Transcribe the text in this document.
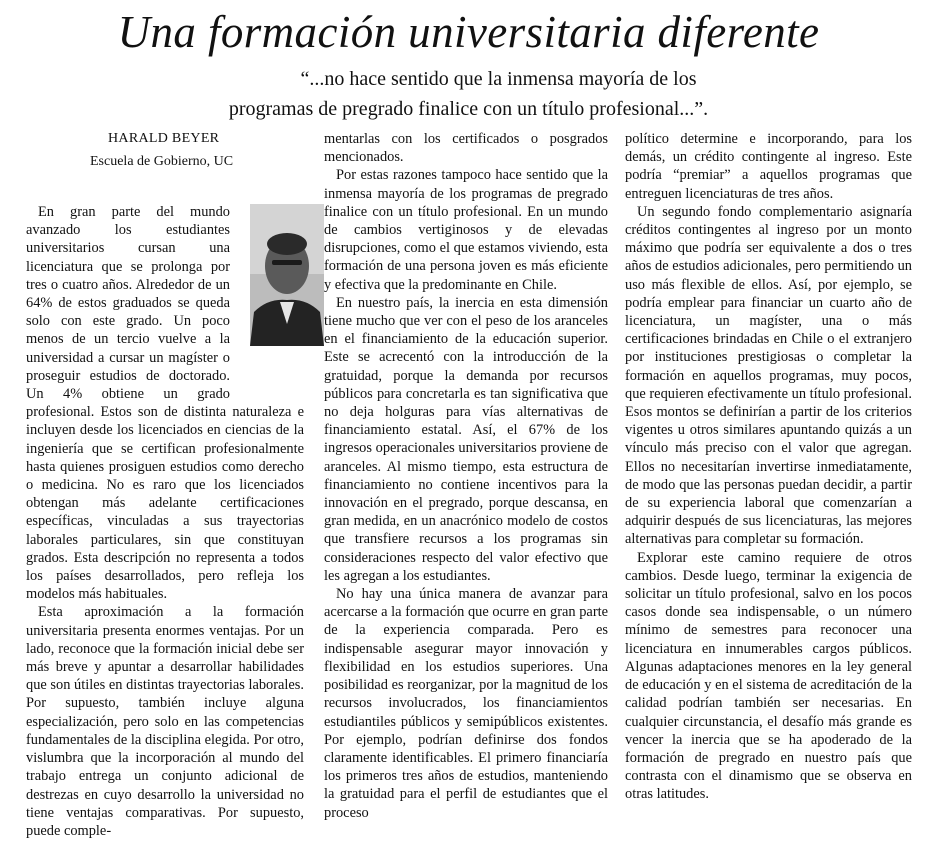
Una formación universitaria diferente
“...no hace sentido que la inmensa mayoría de los
programas de pregrado finalice con un título profesional...”.
HARALD BEYER
Escuela de Gobierno, UC

En gran parte del mundo avanzado los estudiantes universitarios cursan una licenciatura que se prolonga por tres o cuatro años. Alrededor de un 64% de estos graduados se queda solo con este grado. Un poco menos de un tercio vuelve a la universidad a cursar un magíster o proseguir estudios de doctorado. Un 4% obtiene un grado profesional. Estos son de distinta naturaleza e incluyen desde los licenciados en ciencias de la ingeniería que se certifican profesionalmente hasta quienes prosiguen estudios como derecho o medicina. No es raro que los licenciados obtengan más adelante certificaciones específicas, vinculadas a sus trayectorias laborales particulares, sin que constituyan grados. Esta descripción no representa a todos los países desarrollados, pero refleja los modelos más habituales.

Esta aproximación a la formación universitaria presenta enormes ventajas. Por un lado, reconoce que la formación inicial debe ser más breve y apuntar a desarrollar habilidades que son útiles en distintas trayectorias laborales. Por supuesto, también incluye alguna especialización, pero solo en las competencias fundamentales de la disciplina elegida. Por otro, vislumbra que la incorporación al mundo del trabajo entrega un conjunto adicional de destrezas en cuyo desarrollo la universidad no tiene ventajas comparativas. Por supuesto, puede comple-

mentarlas con los certificados o posgrados mencionados.

Por estas razones tampoco hace sentido que la inmensa mayoría de los programas de pregrado finalice con un título profesional. En un mundo de cambios vertiginosos y de elevadas disrupciones, como el que estamos viviendo, esta formación de una persona joven es más eficiente y efectiva que la predominante en Chile.

En nuestro país, la inercia en esta dimensión tiene mucho que ver con el peso de los aranceles en el financiamiento de la educación superior. Este se acrecentó con la introducción de la gratuidad, porque la demanda por recursos públicos para concretarla es tan significativa que no deja holguras para vías alternativas de financiamiento estatal. Así, el 67% de los ingresos operacionales universitarios proviene de aranceles. Al mismo tiempo, esta estructura de financiamiento no contiene incentivos para la innovación en el pregrado, porque descansa, en gran medida, en un anacrónico modelo de costos que transfiere recursos a los programas sin consideraciones respecto del valor efectivo que les agregan a los estudiantes.

No hay una única manera de avanzar para acercarse a la formación que ocurre en gran parte de la experiencia comparada. Pero es indispensable asegurar mayor innovación y flexibilidad en los estudios superiores. Una posibilidad es reorganizar, por la magnitud de los recursos involucrados, los financiamientos estudiantiles públicos y semipúblicos existentes. Por ejemplo, podrían definirse dos fondos claramente identificables. El primero financiaría los primeros tres años de estudios, manteniendo la gratuidad para el perfil de estudiantes que el proceso

político determine e incorporando, para los demás, un crédito contingente al ingreso. Este podría “premiar” a aquellos programas que entreguen licenciaturas de tres años.

Un segundo fondo complementario asignaría créditos contingentes al ingreso por un monto máximo que podría ser equivalente a dos o tres años de estudios adicionales, pero permitiendo un uso más flexible de ellos. Así, por ejemplo, se podría emplear para financiar un cuarto año de licenciatura, un magíster, una o más certificaciones brindadas en Chile o el extranjero por instituciones prestigiosas o completar la formación en aquellos programas, muy pocos, que requieren efectivamente un título profesional. Esos montos se definirían a partir de los criterios vigentes u otros similares apuntando quizás a un vínculo más preciso con el valor que agregan. Ellos no necesitarían invertirse inmediatamente, de modo que las personas puedan decidir, a partir de su experiencia laboral que comenzarían a adquirir después de sus licenciaturas, las mejores alternativas para completar su formación.

Explorar este camino requiere de otros cambios. Desde luego, terminar la exigencia de solicitar un título profesional, salvo en los pocos casos donde sea indispensable, o un número mínimo de semestres para reconocer una licenciatura en innumerables cargos públicos. Algunas adaptaciones menores en la ley general de educación y en el sistema de acreditación de la calidad podrían también ser necesarias. En cualquier circunstancia, el desafío más grande es vencer la inercia que se ha apoderado de la formación de pregrado en nuestro país que contrasta con el dinamismo que se observa en otras latitudes.
